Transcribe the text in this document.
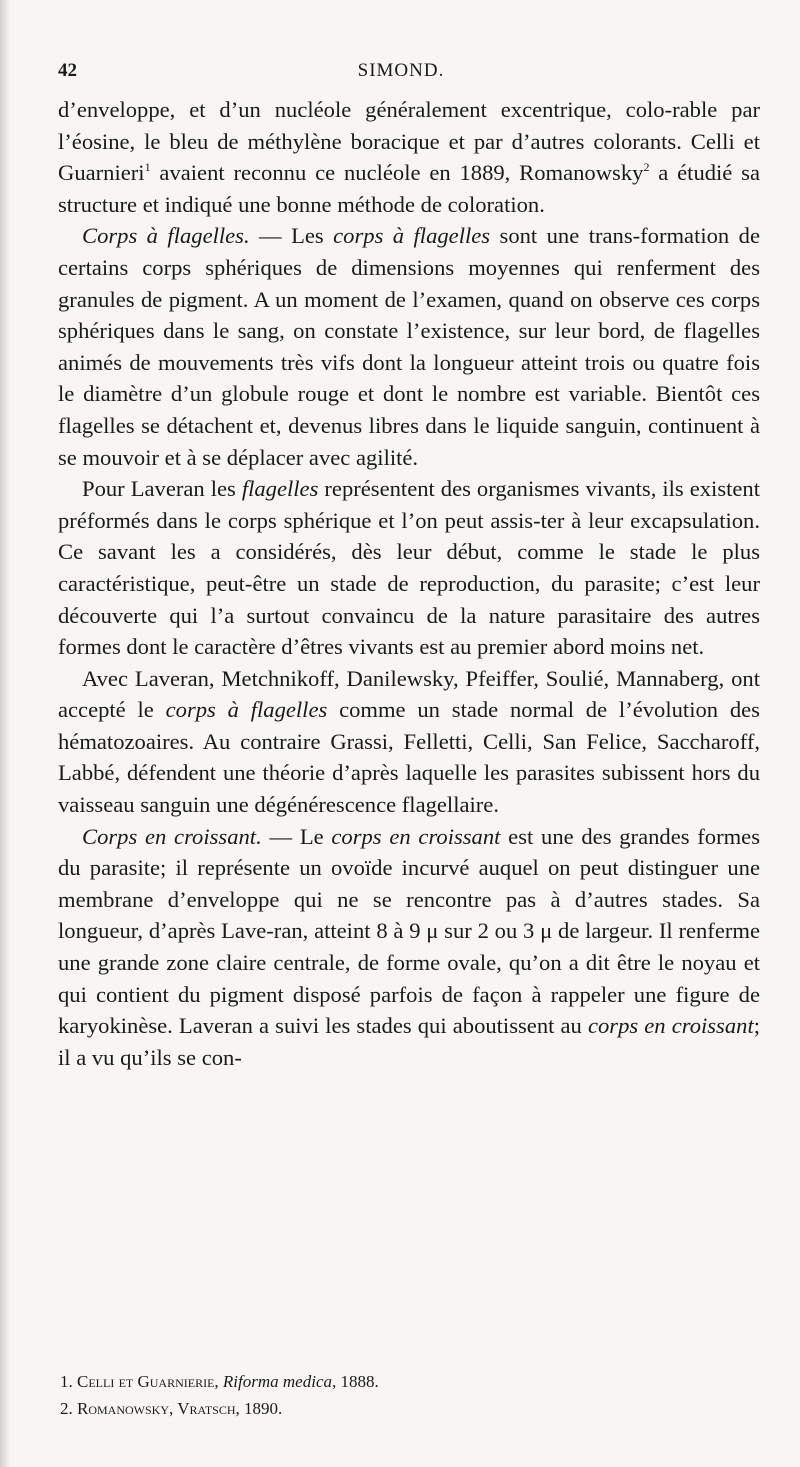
42	SIMOND.

d’enveloppe, et d’un nucléole généralement excentrique, colo-rable par l’éosine, le bleu de méthylène boracique et par d’autres colorants. Celli et Guarnieri$^1$ avaient reconnu ce nucléole en 1889, Romanowsky$^2$ a étudié sa structure et indiqué une bonne méthode de coloration.

Corps à flagelles. — Les corps à flagelles sont une trans-formation de certains corps sphériques de dimensions moyennes qui renferment des granules de pigment. A un moment de l’examen, quand on observe ces corps sphériques dans le sang, on constate l’existence, sur leur bord, de flagelles animés de mouvements très vifs dont la longueur atteint trois ou quatre fois le diamètre d’un globule rouge et dont le nombre est variable. Bientôt ces flagelles se détachent et, devenus libres dans le liquide sanguin, continuent à se mouvoir et à se déplacer avec agilité.

Pour Laveran les flagelles représentent des organismes vivants, ils existent préformés dans le corps sphérique et l’on peut assis-ter à leur excapsulation. Ce savant les a considérés, dès leur début, comme le stade le plus caractéristique, peut-être un stade de reproduction, du parasite; c’est leur découverte qui l’a surtout convaincu de la nature parasitaire des autres formes dont le caractère d’êtres vivants est au premier abord moins net.

Avec Laveran, Metchnikoff, Danilewsky, Pfeiffer, Soulié, Mannaberg, ont accepté le corps à flagelles comme un stade normal de l’évolution des hématozoaires. Au contraire Grassi, Felletti, Celli, San Felice, Saccharoff, Labbé, défendent une théorie d’après laquelle les parasites subissent hors du vaisseau sanguin une dégénérescence flagellaire.

Corps en croissant. — Le corps en croissant est une des grandes formes du parasite; il représente un ovoïde incurvé auquel on peut distinguer une membrane d’enveloppe qui ne se rencontre pas à d’autres stades. Sa longueur, d’après Lave-ran, atteint 8 à 9 μ sur 2 ou 3 μ de largeur. Il renferme une grande zone claire centrale, de forme ovale, qu’on a dit être le noyau et qui contient du pigment disposé parfois de façon à rappeler une figure de karyokinèse. Laveran a suivi les stades qui aboutissent au corps en croissant; il a vu qu’ils se con-

1. Celli et Guarnierie, Riforma medica, 1888.

2. Romanowsky, Vratsch, 1890.
